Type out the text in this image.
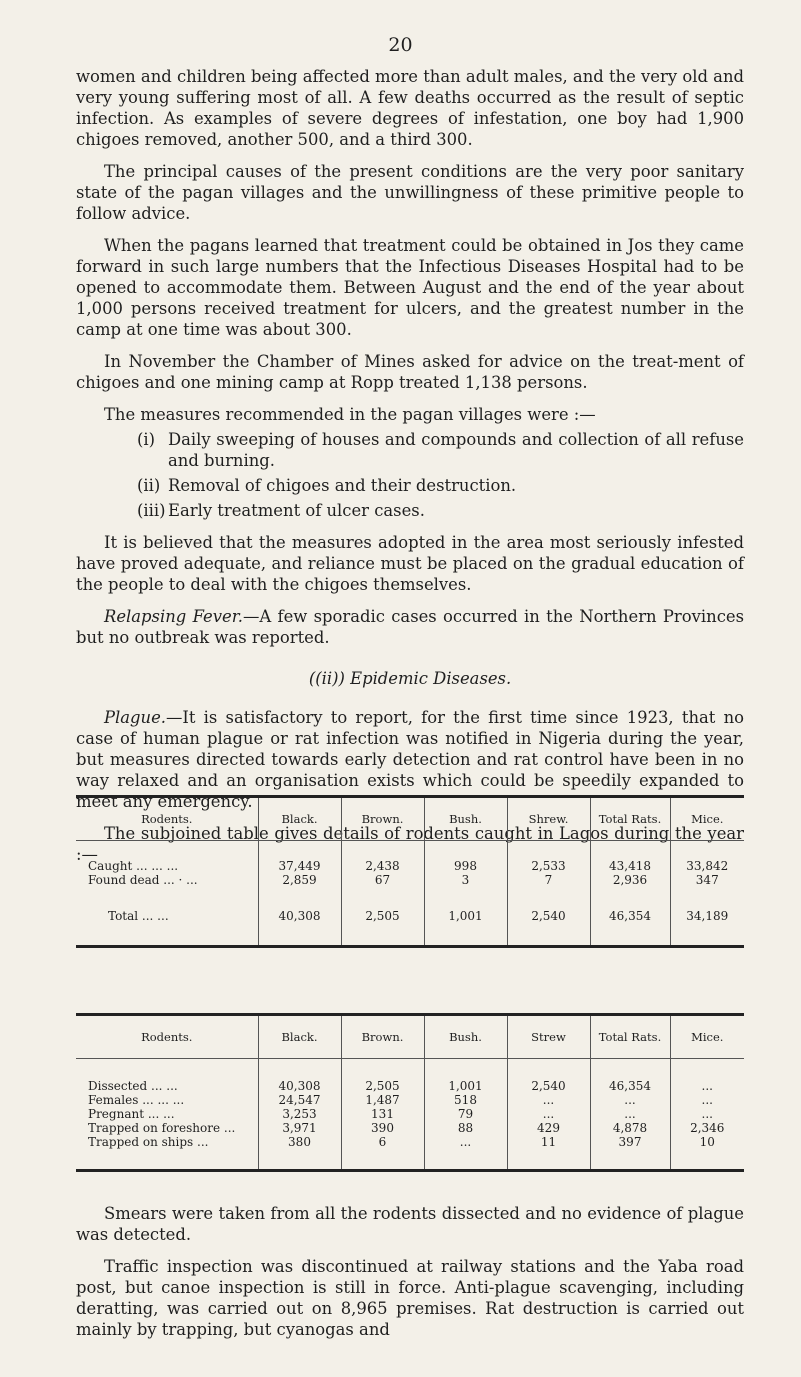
20

women and children being affected more than adult males, and the very old and very young suffering most of all. A few deaths occurred as the result of septic infection. As examples of severe degrees of infestation, one boy had 1,900 chigoes removed, another 500, and a third 300.

The principal causes of the present conditions are the very poor sanitary state of the pagan villages and the unwillingness of these primitive people to follow advice.

When the pagans learned that treatment could be obtained in Jos they came forward in such large numbers that the Infectious Diseases Hospital had to be opened to accommodate them. Between August and the end of the year about 1,000 persons received treatment for ulcers, and the greatest number in the camp at one time was about 300.

In November the Chamber of Mines asked for advice on the treat-ment of chigoes and one mining camp at Ropp treated 1,138 persons.

The measures recommended in the pagan villages were :—

(i) Daily sweeping of houses and compounds and collection of all refuse and burning.

(ii) Removal of chigoes and their destruction.

(iii) Early treatment of ulcer cases.

It is believed that the measures adopted in the area most seriously infested have proved adequate, and reliance must be placed on the gradual education of the people to deal with the chigoes themselves.

Relapsing Fever.—A few sporadic cases occurred in the Northern Provinces but no outbreak was reported.

((ii)) Epidemic Diseases.

Plague.—It is satisfactory to report, for the first time since 1923, that no case of human plague or rat infection was notified in Nigeria during the year, but measures directed towards early detection and rat control have been in no way relaxed and an organisation exists which could be speedily expanded to meet any emergency.

The subjoined table gives details of rodents caught in Lagos during the year :—

Rodents.	Black.	Brown.	Bush.	Shrew.	Total Rats.	Mice.
Caught ... ... ...	37,449	2,438	998	2,533	43,418	33,842
Found dead ... · ...	2,859	67	3	7	2,936	347
Total ... ...	40,308	2,505	1,001	2,540	46,354	34,189
Rodents.	Black.	Brown.	Bush.	Strew	Total Rats.	Mice.
Dissected ... ...	40,308	2,505	1,001	2,540	46,354	...
Females ... ... ...	24,547	1,487	518	...	...	...
Pregnant ... ...	3,253	131	79	...	...	...
Trapped on foreshore ...	3,971	390	88	429	4,878	2,346
Trapped on ships ...	380	6	...	11	397	10

Smears were taken from all the rodents dissected and no evidence of plague was detected.

Traffic inspection was discontinued at railway stations and the Yaba road post, but canoe inspection is still in force. Anti-plague scavenging, including deratting, was carried out on 8,965 premises. Rat destruction is carried out mainly by trapping, but cyanogas and
